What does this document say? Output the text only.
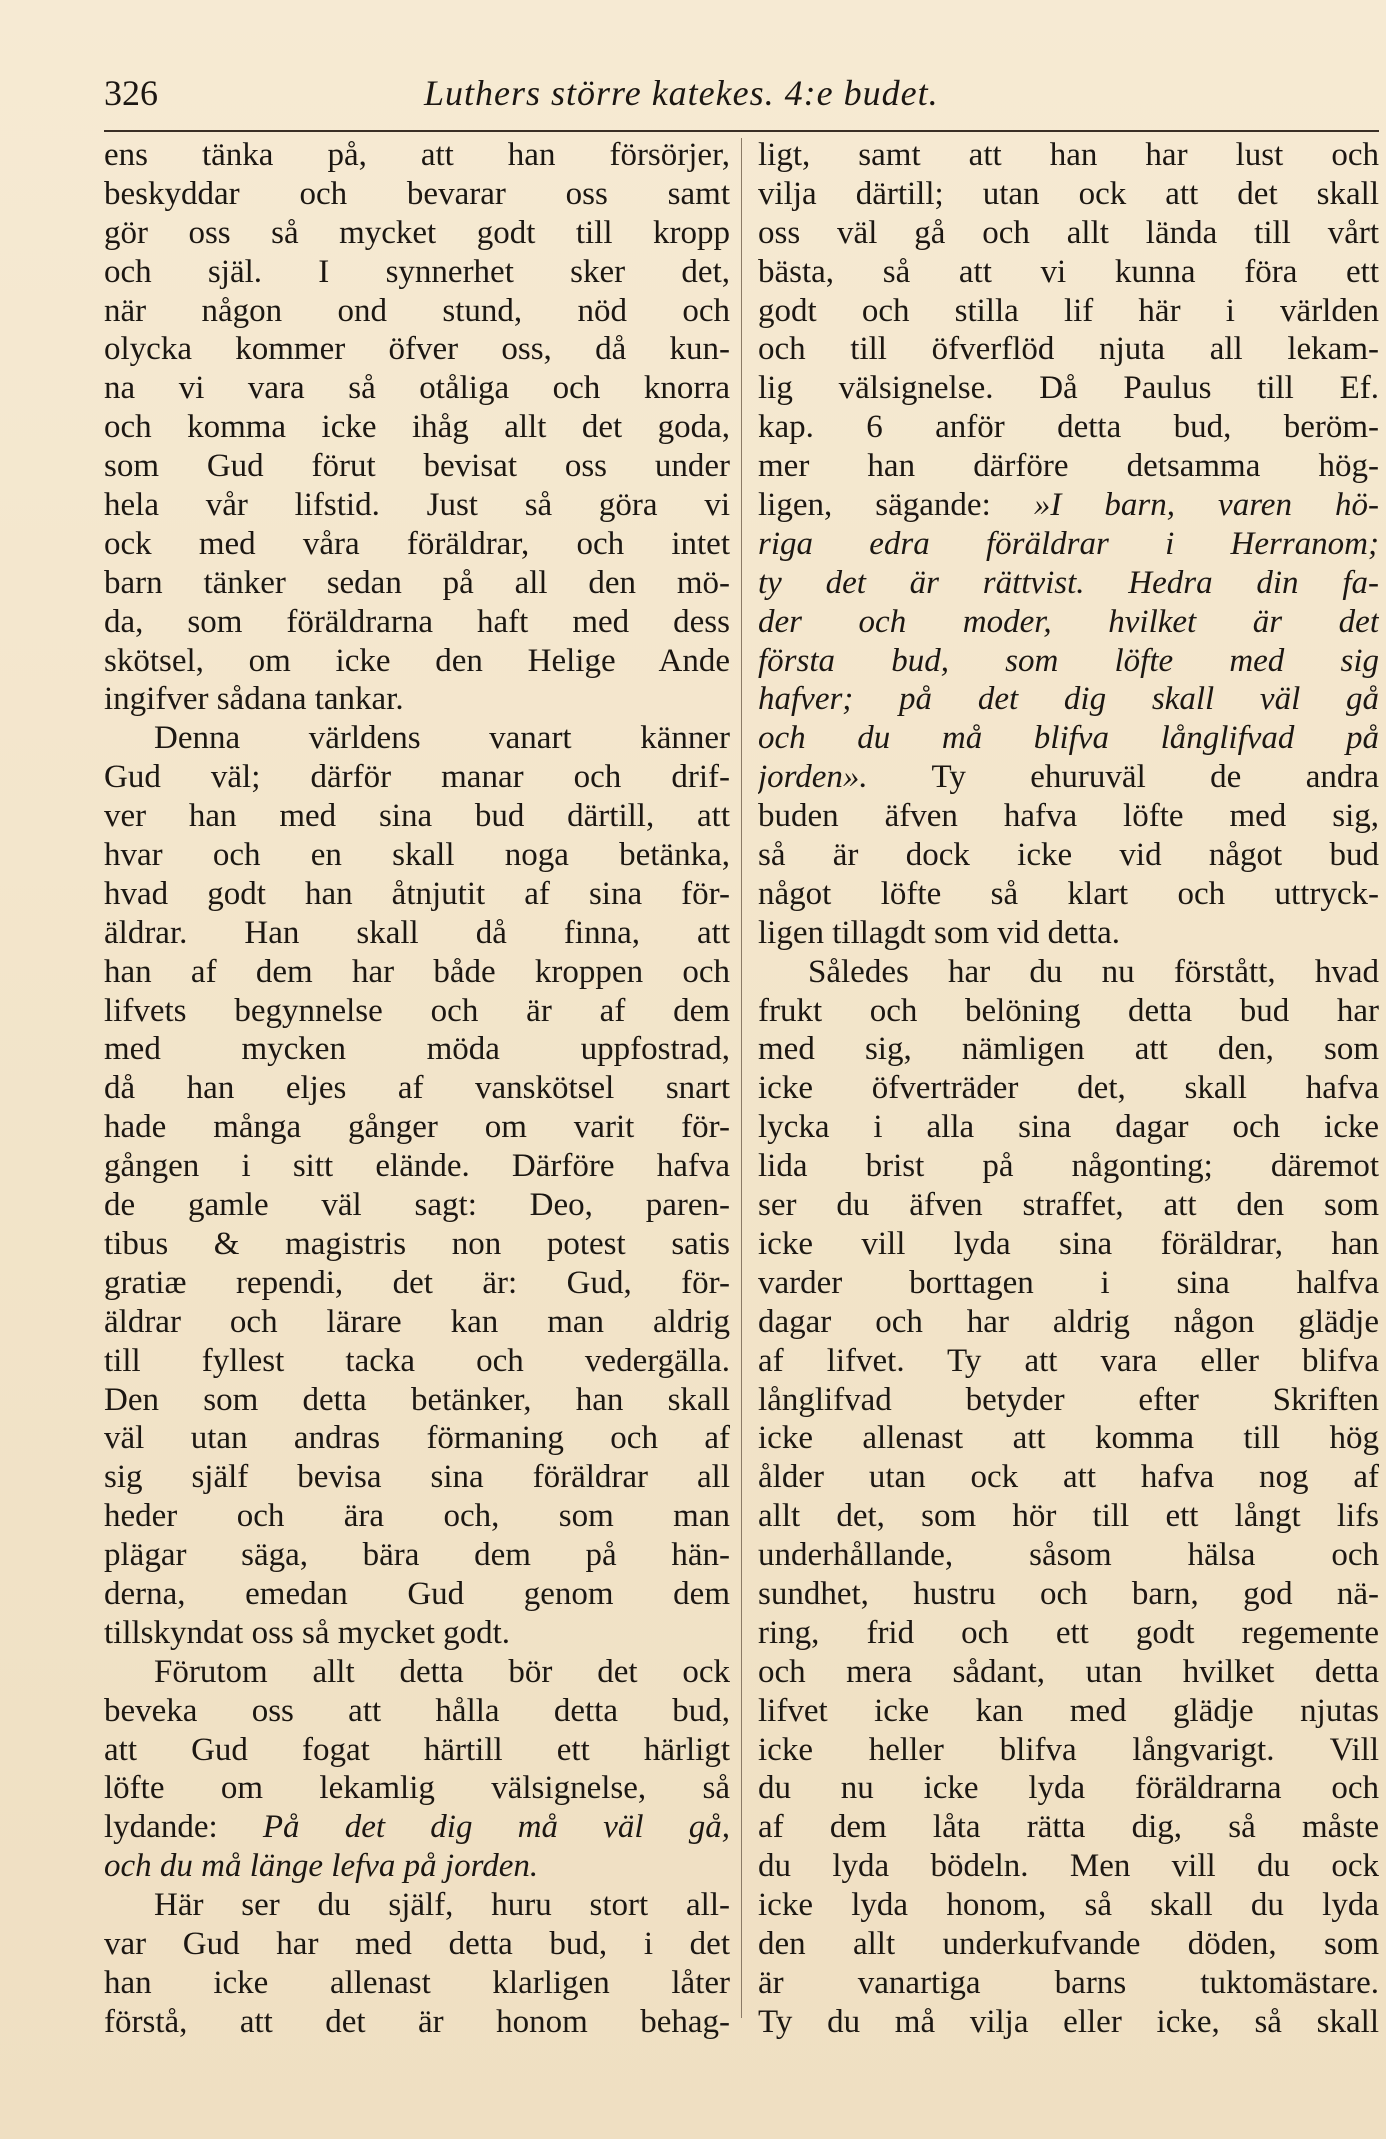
326	Luthers större katekes. 4:e budet.
ens tänka på, att han försörjer,
beskyddar och bevarar oss samt
gör oss så mycket godt till kropp
och själ. I synnerhet sker det,
när någon ond stund, nöd och
olycka kommer öfver oss, då kun-
na vi vara så otåliga och knorra
och komma icke ihåg allt det goda,
som Gud förut bevisat oss under
hela vår lifstid. Just så göra vi
ock med våra föräldrar, och intet
barn tänker sedan på all den mö-
da, som föräldrarna haft med dess
skötsel, om icke den Helige Ande
ingifver sådana tankar.
Denna världens vanart känner
Gud väl; därför manar och drif-
ver han med sina bud därtill, att
hvar och en skall noga betänka,
hvad godt han åtnjutit af sina för-
äldrar. Han skall då finna, att
han af dem har både kroppen och
lifvets begynnelse och är af dem
med mycken möda uppfostrad,
då han eljes af vanskötsel snart
hade många gånger om varit för-
gången i sitt elände. Därföre hafva
de gamle väl sagt: Deo, paren-
tibus & magistris non potest satis
gratiæ rependi, det är: Gud, för-
äldrar och lärare kan man aldrig
till fyllest tacka och vedergälla.
Den som detta betänker, han skall
väl utan andras förmaning och af
sig själf bevisa sina föräldrar all
heder och ära och, som man
plägar säga, bära dem på hän-
derna, emedan Gud genom dem
tillskyndat oss så mycket godt.
Förutom allt detta bör det ock
beveka oss att hålla detta bud,
att Gud fogat härtill ett härligt
löfte om lekamlig välsignelse, så
lydande: På det dig må väl gå,
och du må länge lefva på jorden.
Här ser du själf, huru stort all-
var Gud har med detta bud, i det
han icke allenast klarligen låter
förstå, att det är honom behag-
ligt, samt att han har lust och
vilja därtill; utan ock att det skall
oss väl gå och allt lända till vårt
bästa, så att vi kunna föra ett
godt och stilla lif här i världen
och till öfverflöd njuta all lekam-
lig välsignelse. Då Paulus till Ef.
kap. 6 anför detta bud, beröm-
mer han därföre detsamma hög-
ligen, sägande: »I barn, varen hö-
riga edra föräldrar i Herranom;
ty det är rättvist. Hedra din fa-
der och moder, hvilket är det
första bud, som löfte med sig
hafver; på det dig skall väl gå
och du må blifva långlifvad på
jorden». Ty ehuruväl de andra
buden äfven hafva löfte med sig,
så är dock icke vid något bud
något löfte så klart och uttryck-
ligen tillagdt som vid detta.
Således har du nu förstått, hvad
frukt och belöning detta bud har
med sig, nämligen att den, som
icke öfverträder det, skall hafva
lycka i alla sina dagar och icke
lida brist på någonting; däremot
ser du äfven straffet, att den som
icke vill lyda sina föräldrar, han
varder borttagen i sina halfva
dagar och har aldrig någon glädje
af lifvet. Ty att vara eller blifva
långlifvad betyder efter Skriften
icke allenast att komma till hög
ålder utan ock att hafva nog af
allt det, som hör till ett långt lifs
underhållande, såsom hälsa och
sundhet, hustru och barn, god nä-
ring, frid och ett godt regemente
och mera sådant, utan hvilket detta
lifvet icke kan med glädje njutas
icke heller blifva långvarigt. Vill
du nu icke lyda föräldrarna och
af dem låta rätta dig, så måste
du lyda bödeln. Men vill du ock
icke lyda honom, så skall du lyda
den allt underkufvande döden, som
är vanartiga barns tuktomästare.
Ty du må vilja eller icke, så skall
